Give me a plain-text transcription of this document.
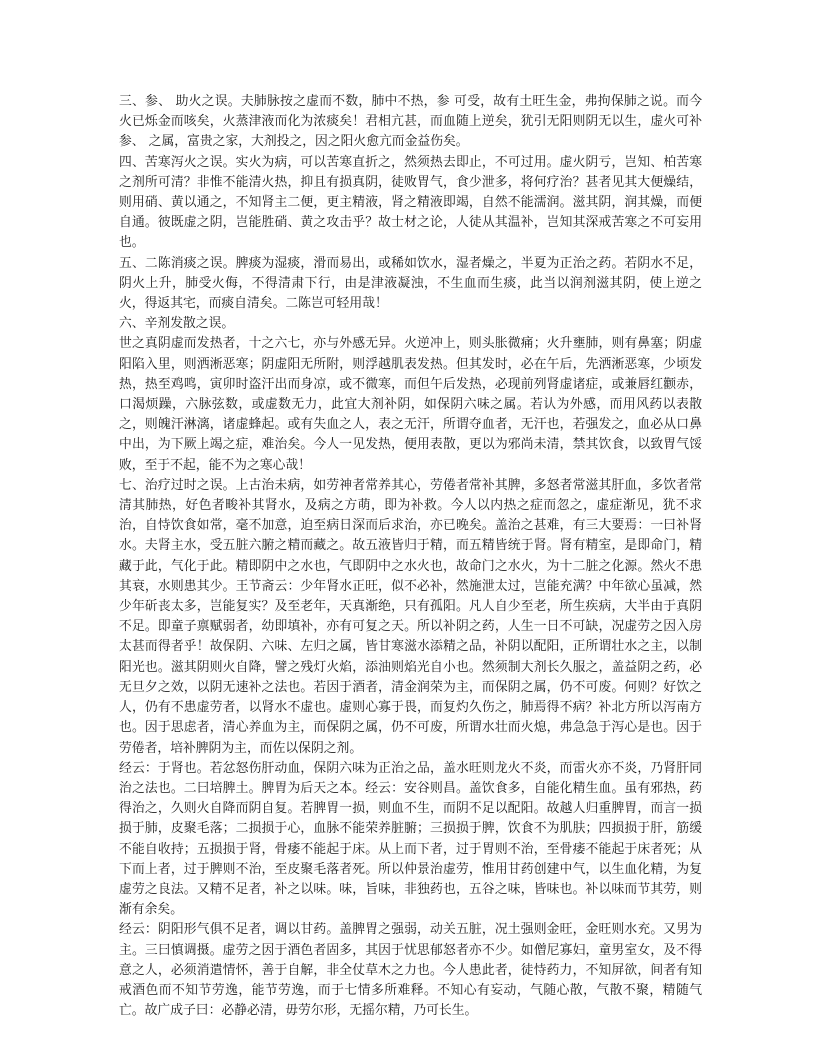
三、参、 助火之误。夫肺脉按之虚而不数，肺中不热，参 可受，故有土旺生金，弗拘保肺之说。而今火已烁金而咳矣，火蒸津液而化为浓痰矣！君相亢甚，而血随上逆矣，犹引无阳则阴无以生，虚火可补参、 之属，富贵之家，大剂投之，因之阳火愈亢而金益伤矣。

四、苦寒泻火之误。实火为病，可以苦寒直折之，然须热去即止，不可过用。虚火阴亏，岂知、柏苦寒之剂所可清？非惟不能清火热，抑且有损真阴，徒败胃气，食少泄多，将何疗治？甚者见其大便燥结，则用硝、黄以通之，不知肾主二便，更主精液，肾之精液即竭，自然不能濡润。滋其阴，润其燥，而便自通。彼既虚之阴，岂能胜硝、黄之攻击乎？故士材之论，人徒从其温补，岂知其深戒苦寒之不可妄用也。

五、二陈消痰之误。脾痰为湿痰，滑而易出，或稀如饮水，湿者燥之，半夏为正治之药。若阴水不足，阴火上升，肺受火侮，不得清肃下行，由是津液凝浊，不生血而生痰，此当以润剂滋其阴，使上逆之火，得返其宅，而痰自清矣。二陈岂可轻用哉！

六、辛剂发散之误。

世之真阴虚而发热者，十之六七，亦与外感无异。火逆冲上，则头胀微痛；火升壅肺，则有鼻塞；阴虚阳陷入里，则洒淅恶寒；阴虚阳无所附，则浮越肌表发热。但其发时，必在午后，先洒淅恶寒，少顷发热，热至鸡鸣，寅卯时盗汗出而身凉，或不微寒，而但午后发热，必现前列肾虚诸症，或兼唇红颧赤，口渴烦躁，六脉弦数，或虚数无力，此宜大剂补阴，如保阴六味之属。若认为外感，而用风药以表散之，则魄汗淋漓，诸虚蜂起。或有失血之人，表之无汗，所谓夺血者，无汗也，若强发之，血必从口鼻中出，为下厥上竭之症，难治矣。今人一见发热，便用表散，更以为邪尚未清，禁其饮食，以致胃气馁败，至于不起，能不为之寒心哉！

七、治疗过时之误。上古治未病，如劳神者常养其心，劳倦者常补其脾，多怒者常滋其肝血，多饮者常清其肺热，好色者畯补其肾水，及病之方萌，即为补救。今人以内热之症而忽之，虚症渐见，犹不求治，自恃饮食如常，毫不加意，迫至病日深而后求治，亦已晚矣。盖治之甚难，有三大要焉：一曰补肾水。夫肾主水，受五脏六腑之精而藏之。故五液皆归于精，而五精皆统于肾。肾有精室，是即命门，精藏于此，气化于此。精即阴中之水也，气即阴中之水火也，故命门之水火，为十二脏之化源。然火不患其衰，水则患其少。王节斋云：少年肾水正旺，似不必补，然施泄太过，岂能充满？中年欲心虽减，然少年斫丧太多，岂能复实？及至老年，天真渐绝，只有孤阳。凡人自少至老，所生疾病，大半由于真阴不足。即童子禀赋弱者，幼即填补，亦有可复之天。所以补阴之药，人生一日不可缺，况虚劳之因入房太甚而得者乎！故保阴、六味、左归之属，皆甘寒滋水添精之品，补阴以配阳，正所谓壮水之主，以制阳光也。滋其阴则火自降，譬之残灯火焰，添油则焰光自小也。然须制大剂长久服之，盖益阴之药，必无旦夕之效，以阴无速补之法也。若因于酒者，清金润荣为主，而保阴之属，仍不可废。何则？好饮之人，仍有不患虚劳者，以肾水不虚也。虚则心寡于畏，而复灼久伤之，肺焉得不病？补北方所以泻南方也。因于思虑者，清心养血为主，而保阴之属，仍不可废，所谓水壮而火熄，弗急急于泻心是也。因于劳倦者，培补脾阴为主，而佐以保阴之剂。

经云：于肾也。若忿怒伤肝动血，保阴六味为正治之品，盖水旺则龙火不炎，而雷火亦不炎，乃肾肝同治之法也。二曰培脾土。脾胃为后天之本。经云：安谷则昌。盖饮食多，自能化精生血。虽有邪热，药得治之，久则火自降而阴自复。若脾胃一损，则血不生，而阴不足以配阳。故越人归重脾胃，而言一损损于肺，皮聚毛落；二损损于心，血脉不能荣养脏腑；三损损于脾，饮食不为肌肤；四损损于肝，筋缓不能自收持；五损损于肾，骨痿不能起于床。从上而下者，过于胃则不治，至骨痿不能起于床者死；从下而上者，过于脾则不治，至皮聚毛落者死。所以仲景治虚劳，惟用甘药创建中气，以生血化精，为复虚劳之良法。又精不足者，补之以味。味，旨味，非独药也，五谷之味，皆味也。补以味而节其劳，则渐有余矣。

经云：阴阳形气俱不足者，调以甘药。盖脾胃之强弱，动关五脏，况土强则金旺，金旺则水充。又男为主。三曰慎调摄。虚劳之因于酒色者固多，其因于忧思郁怒者亦不少。如僧尼寡妇，童男室女，及不得意之人，必须消遣情怀，善于自解，非全仗草木之力也。今人患此者，徒恃药力，不知屏欲，间者有知戒酒色而不知节劳逸，能节劳逸，而于七情多所难释。不知心有妄动，气随心散，气散不聚，精随气亡。故广成子曰：必静必清，毋劳尔形，无摇尔精，乃可长生。
